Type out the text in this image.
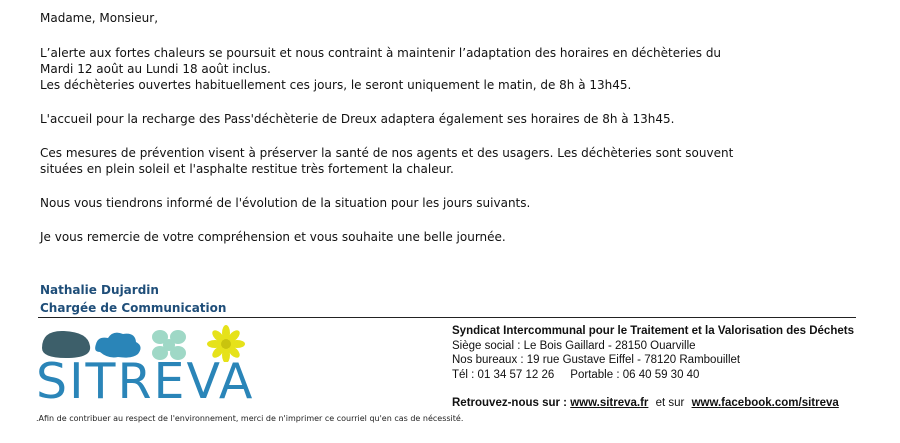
Madame, Monsieur,

L’alerte aux fortes chaleurs se poursuit et nous contraint à maintenir l’adaptation des horaires en déchèteries du
Mardi 12 août au Lundi 18 août inclus.
Les déchèteries ouvertes habituellement ces jours, le seront uniquement le matin, de 8h à 13h45.

L'accueil pour la recharge des Pass'déchèterie de Dreux adaptera également ses horaires de 8h à 13h45.

Ces mesures de prévention visent à préserver la santé de nos agents et des usagers. Les déchèteries sont souvent
situées en plein soleil et l'asphalte restitue très fortement la chaleur.

Nous vous tiendrons informé de l'évolution de la situation pour les jours suivants.

Je vous remercie de votre compréhension et vous souhaite une belle journée.

Nathalie Dujardin
Chargée de Communication
SITREVA
.Afin de contribuer au respect de l'environnement, merci de n'imprimer ce courriel qu'en cas de nécessité.
Syndicat Intercommunal pour le Traitement et la Valorisation des Déchets
Siège social : Le Bois Gaillard - 28150 Ouarville
Nos bureaux : 19 rue Gustave Eiffel - 78120 Rambouillet
Tél : 01 34 57 12 26 Portable : 06 40 59 30 40
Retrouvez-nous sur : www.sitreva.fr et sur www.facebook.com/sitreva
